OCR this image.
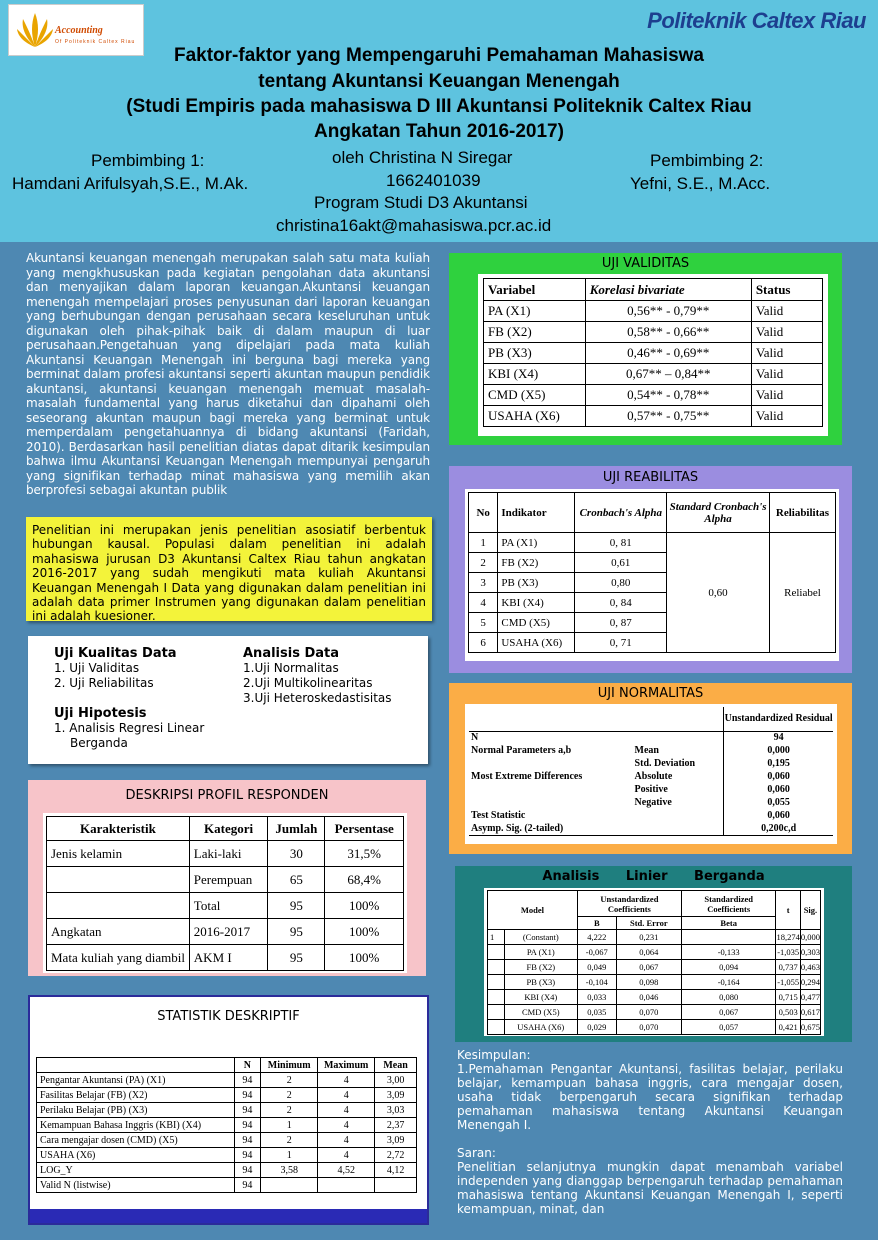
Accounting
Of Politeknik Caltex Riau
Politeknik Caltex Riau
Faktor-faktor yang Mempengaruhi Pemahaman Mahasiswa
tentang Akuntansi Keuangan Menengah
(Studi Empiris pada mahasiswa D III Akuntansi Politeknik Caltex Riau
Angkatan Tahun 2016-2017)
Pembimbing 1:
Hamdani Arifulsyah,S.E., M.Ak.
oleh Christina N Siregar
1662401039
Program Studi D3 Akuntansi
christina16akt@mahasiswa.pcr.ac.id
Pembimbing 2:
Yefni, S.E., M.Acc.
Akuntansi keuangan menengah merupakan salah satu mata kuliah yang mengkhususkan pada kegiatan pengolahan data akuntansi dan menyajikan dalam laporan keuangan.Akuntansi keuangan menengah mempelajari proses penyusunan dari laporan keuangan yang berhubungan dengan perusahaan secara keseluruhan untuk digunakan oleh pihak-pihak baik di dalam maupun di luar perusahaan.Pengetahuan yang dipelajari pada mata kuliah Akuntansi Keuangan Menengah ini berguna bagi mereka yang berminat dalam profesi akuntansi seperti akuntan maupun pendidik akuntansi, akuntansi keuangan menengah memuat masalah-masalah fundamental yang harus diketahui dan dipahami oleh seseorang akuntan maupun bagi mereka yang berminat untuk memperdalam pengetahuannya di bidang akuntansi (Faridah, 2010). Berdasarkan hasil penelitian diatas dapat ditarik kesimpulan bahwa ilmu Akuntansi Keuangan Menengah mempunyai pengaruh yang signifikan terhadap minat mahasiswa yang memilih akan berprofesi sebagai akuntan publik
Penelitian ini merupakan jenis penelitian asosiatif berbentuk hubungan kausal. Populasi dalam penelitian ini adalah mahasiswa jurusan D3 Akuntansi Caltex Riau tahun angkatan 2016-2017 yang sudah mengikuti mata kuliah Akuntansi Keuangan Menengah I Data yang digunakan dalam penelitian ini adalah data primer Instrumen yang digunakan dalam penelitian ini adalah kuesioner.
Uji Kualitas Data
1. Uji Validitas
2. Uji Reliabilitas
Uji Hipotesis
1. Analisis Regresi Linear
Berganda
Analisis Data
1.Uji Normalitas
2.Uji Multikolinearitas
3.Uji Heteroskedastisitas
UJI VALIDITAS
Variabel	Korelasi bivariate	Status
PA (X1)	0,56** - 0,79**	Valid
FB (X2)	0,58** - 0,66**	Valid
PB (X3)	0,46** - 0,69**	Valid
KBI (X4)	0,67** – 0,84**	Valid
CMD (X5)	0,54** - 0,78**	Valid
USAHA (X6)	0,57** - 0,75**	Valid
UJI REABILITAS
No	Indikator	Cronbach's Alpha	Standard Cronbach's Alpha	Reliabilitas
1	PA (X1)	0, 81	0,60	Reliabel
2	FB (X2)	0,61		
3	PB (X3)	0,80		
4	KBI (X4)	0, 84		
5	CMD (X5)	0, 87		
6	USAHA (X6)	0, 71		
UJI NORMALITAS
		Unstandardized Residual
N		94
Normal Parameters a,b	Mean	0,000
	Std. Deviation	0,195
Most Extreme Differences	Absolute	0,060
	Positive	0,060
	Negative	0,055
Test Statistic		0,060
Asymp. Sig. (2-tailed)		0,200c,d
Analisis Linier Berganda
Model		Unstandardized Coefficients		Standardized Coefficients	t	Sig.
		B	Std. Error	Beta		
1	(Constant)	4,222	0,231		18,274	0,000
	PA (X1)	-0,067	0,064	-0,133	-1,035	0,303
	FB (X2)	0,049	0,067	0,094	0,737	0,463
	PB (X3)	-0,104	0,098	-0,164	-1,055	0,294
	KBI (X4)	0,033	0,046	0,080	0,715	0,477
	CMD (X5)	0,035	0,070	0,067	0,503	0,617
	USAHA (X6)	0,029	0,070	0,057	0,421	0,675
DESKRIPSI PROFIL RESPONDEN
Karakteristik	Kategori	Jumlah	Persentase
Jenis kelamin	Laki-laki	30	31,5%
	Perempuan	65	68,4%
	Total	95	100%
Angkatan	2016-2017	95	100%
Mata kuliah yang diambil	AKM I	95	100%
STATISTIK DESKRIPTIF
	N	Minimum	Maximum	Mean
Pengantar Akuntansi (PA) (X1)	94	2	4	3,00
Fasilitas Belajar (FB) (X2)	94	2	4	3,09
Perilaku Belajar (PB) (X3)	94	2	4	3,03
Kemampuan Bahasa Inggris (KBI) (X4)	94	1	4	2,37
Cara mengajar dosen (CMD) (X5)	94	2	4	3,09
USAHA (X6)	94	1	4	2,72
LOG_Y	94	3,58	4,52	4,12
Valid N (listwise)	94			
Kesimpulan:
1.Pemahaman Pengantar Akuntansi, fasilitas belajar, perilaku belajar, kemampuan bahasa inggris, cara mengajar dosen, usaha tidak berpengaruh secara signifikan terhadap pemahaman mahasiswa tentang Akuntansi Keuangan Menengah I.
Saran:
Penelitian selanjutnya mungkin dapat menambah variabel independen yang dianggap berpengaruh terhadap pemahaman mahasiswa tentang Akuntansi Keuangan Menengah I, seperti kemampuan, minat, dan
